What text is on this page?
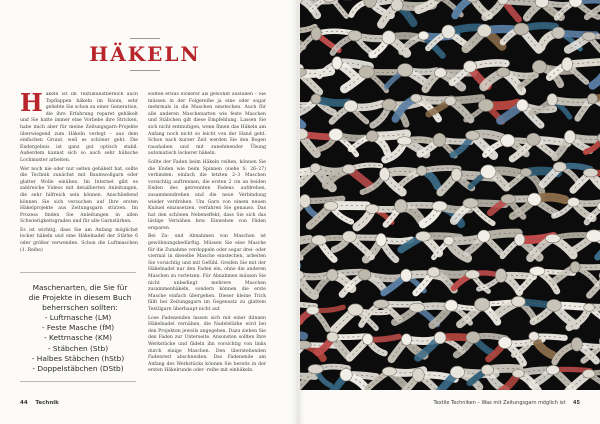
HÄKELN

Häkeln ist im Textilkunstbereich auch Topflappen häkeln im Raum, sehr geliebte Sie schon zu einer Generation, die ihre Erfahrung reparet gehäkelt und Sie hatte immer eine Vorliebe ihre Stricken, habe mich aber für meine Zeitungsgarn-Projekte überwiegend zum Häkeln verlegt – aus dem einfachen Grund, weil es schöner geht. Die Endergebnis ist ganz gut optisch stabil. Außerdem kannst sich so auch sehr hübsche Lochmuster arbeiten.

Wer noch nie oder nur selten gehäkelt hat, sollte die Technik zunächst mit Baumwollgarn oder glatter Wolle einüben. Im Internet gibt es zahlreiche Videos mit detaillierten Anleitungen, die sehr hilfreich sein können. Anschließend können Sie sich versuchen auf Ihre ersten Häkelprojekte aus Zeitungsgarn stürzen. Im Prozess finden Sie Anleitungen in allen Schwierigkeitsgraden und für alle Garnstärken.

Es ist wichtig, dass Sie am Anfang möglichst locker häkeln und eine Häkelnadel der Stärke 6 oder größer verwenden. Schon die Luftmaschen (1. Reihe)

sollten etwas lockerer als gewohnt ausfallen – Sie müssen in der Folgereihe ja eine oder sogar mehrmals in die Maschen einstechen. Auch für alle anderen Maschenarten wie feste Maschen und Stäbchen gilt diese Empfehlung. Lassen Sie sich nicht entmutigen, wenn Ihnen das Häkeln am Anfang noch nicht so leicht von der Hand geht. Schon nach kurzer Zeit werden Sie den Bogen raushaben und mit zunehmender Übung automatisch lockerer häkeln.

Sollte der Faden beim Häkeln reißen, können Sie die Enden wie beim Spinnen (siehe S. 26–27) verbinden: einfach die letzten 2–3 Maschen vorsichtig auftrennen, die ersten 2 cm an beiden Enden des getrennten Fadens aufdrehen, zusammendrehen und die neue Verbindung wieder verdrehen. Um Garn von einem neuen Knäuel einzusetzen, verfahren Sie genauso. Das hat den schönen Nebeneffekt, dass Sie sich das lästige Vernähen bzw. Einweben von Fäden ersparen.

Bei Zu- und Abnahmen von Maschen ist gewöhnungsbedürftig. Müssen Sie eine Masche für die Zunahme verdoppeln oder sogar drei- oder viermal in dieselbe Masche einstechen, arbeiten Sie vorsichtig und mit Gefühl. Greifen Sie mit der Häkelnadel nur den Faden ein, ohne die anderen Maschen zu verletzen. Für Abnahmen müssen Sie nicht unbedingt mehrere Maschen zusammenhäkeln, sondern können die erste Masche einfach übergehen. Dieser kleine Trick fällt bei Zeitungsgarn im Gegensatz zu glattem Textilgarn überhaupt nicht auf.

Lose Fadenenden lassen sich mit einer dünnen Häkelnadel vernähen, die Nadelstärke wird bei den Projekten jeweils angegeben. Dazu ziehen Sie den Faden zur Unterseite. Ansonsten sollten Ihre Werkstücke und fädeln ihn vorsichtig von links durch einige Maschen. Den überstehenden Fadenrest abschneiden. Das Fadenende am Anfang des Werkstücks können Sie bereits in der ersten Häkelrunde oder -reihe mit einhäkeln.

Maschenarten, die Sie für die Projekte in diesem Buch beherrschen sollten:

- Luftmasche (LM)
- Feste Masche (fM)
- Kettmasche (KM)
- Stäbchen (Stb)
- Halbes Stäbchen (hStb)
- Doppelstäbchen (DStb)
44 Technik	Textile Techniken – Was mit Zeitungsgarn möglich ist 45
